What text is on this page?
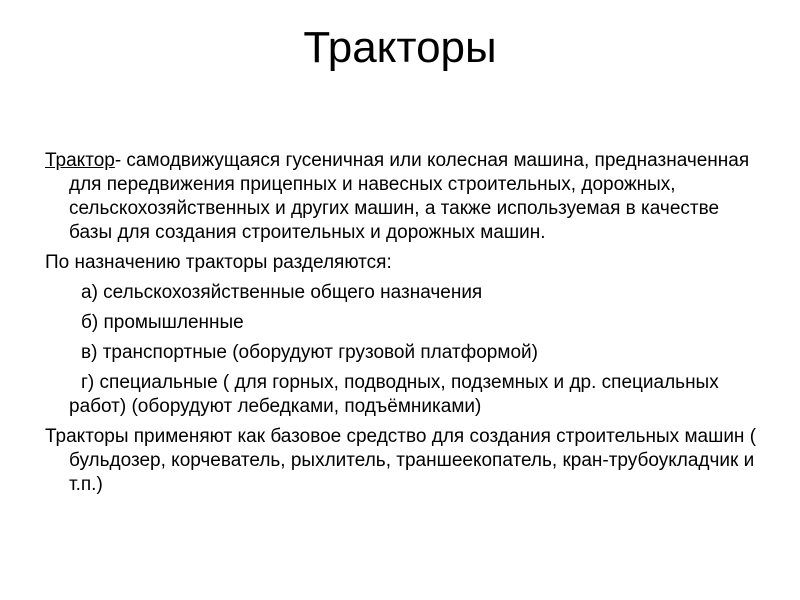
Тракторы

Трактор- самодвижущаяся гусеничная или колесная машина, предназначенная для передвижения прицепных и навесных строительных, дорожных, сельскохозяйственных и других машин, а также используемая в качестве базы для создания строительных и дорожных машин.

По назначению тракторы разделяются:

а) сельскохозяйственные общего назначения

б) промышленные

в) транспортные (оборудуют грузовой платформой)

г) специальные ( для горных, подводных, подземных и др. специальных работ) (оборудуют лебедками, подъёмниками)

Тракторы применяют как базовое средство для создания строительных машин ( бульдозер, корчеватель, рыхлитель, траншеекопатель, кран-трубоукладчик и т.п.)
